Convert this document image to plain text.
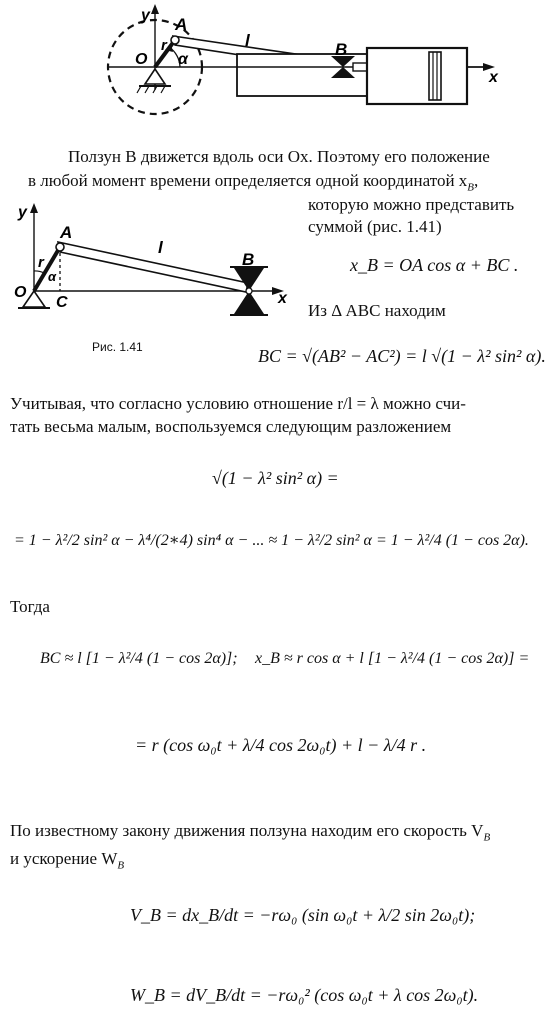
y A
O
r
α
l	B
x
Ползун B движется вдоль оси Ox. Поэтому его положение
в любой момент времени определяется одной координатой $x_B$,
y
A
O
r
α
C
l
B
x
Рис. 1.41
которую можно представить
суммой (рис. 1.41)
x_B = OA cos α + BC .
Из Δ ABC находим
BC = √(AB² − AC²) = l √(1 − λ² sin² α).
Учитывая, что согласно условию отношение r/l = λ можно счи-
тать весьма малым, воспользуемся следующим разложением
√(1 − λ² sin² α) =
= 1 − λ²/2 sin² α − λ⁴/(2∗4) sin⁴ α − ... ≈ 1 − λ²/2 sin² α = 1 − λ²/4 (1 − cos 2α).
Тогда
BC ≈ l [1 − λ²/4 (1 − cos 2α)]; x_B ≈ r cos α + l [1 − λ²/4 (1 − cos 2α)] =
= r (cos ω₀t + λ/4 cos 2ω₀t) + l − λ/4 r .
По известному закону движения ползуна находим его скорость $V_B$
и ускорение $W_B$
V_B = dx_B/dt = −rω₀ (sin ω₀t + λ/2 sin 2ω₀t);
W_B = dV_B/dt = −rω₀² (cos ω₀t + λ cos 2ω₀t).
